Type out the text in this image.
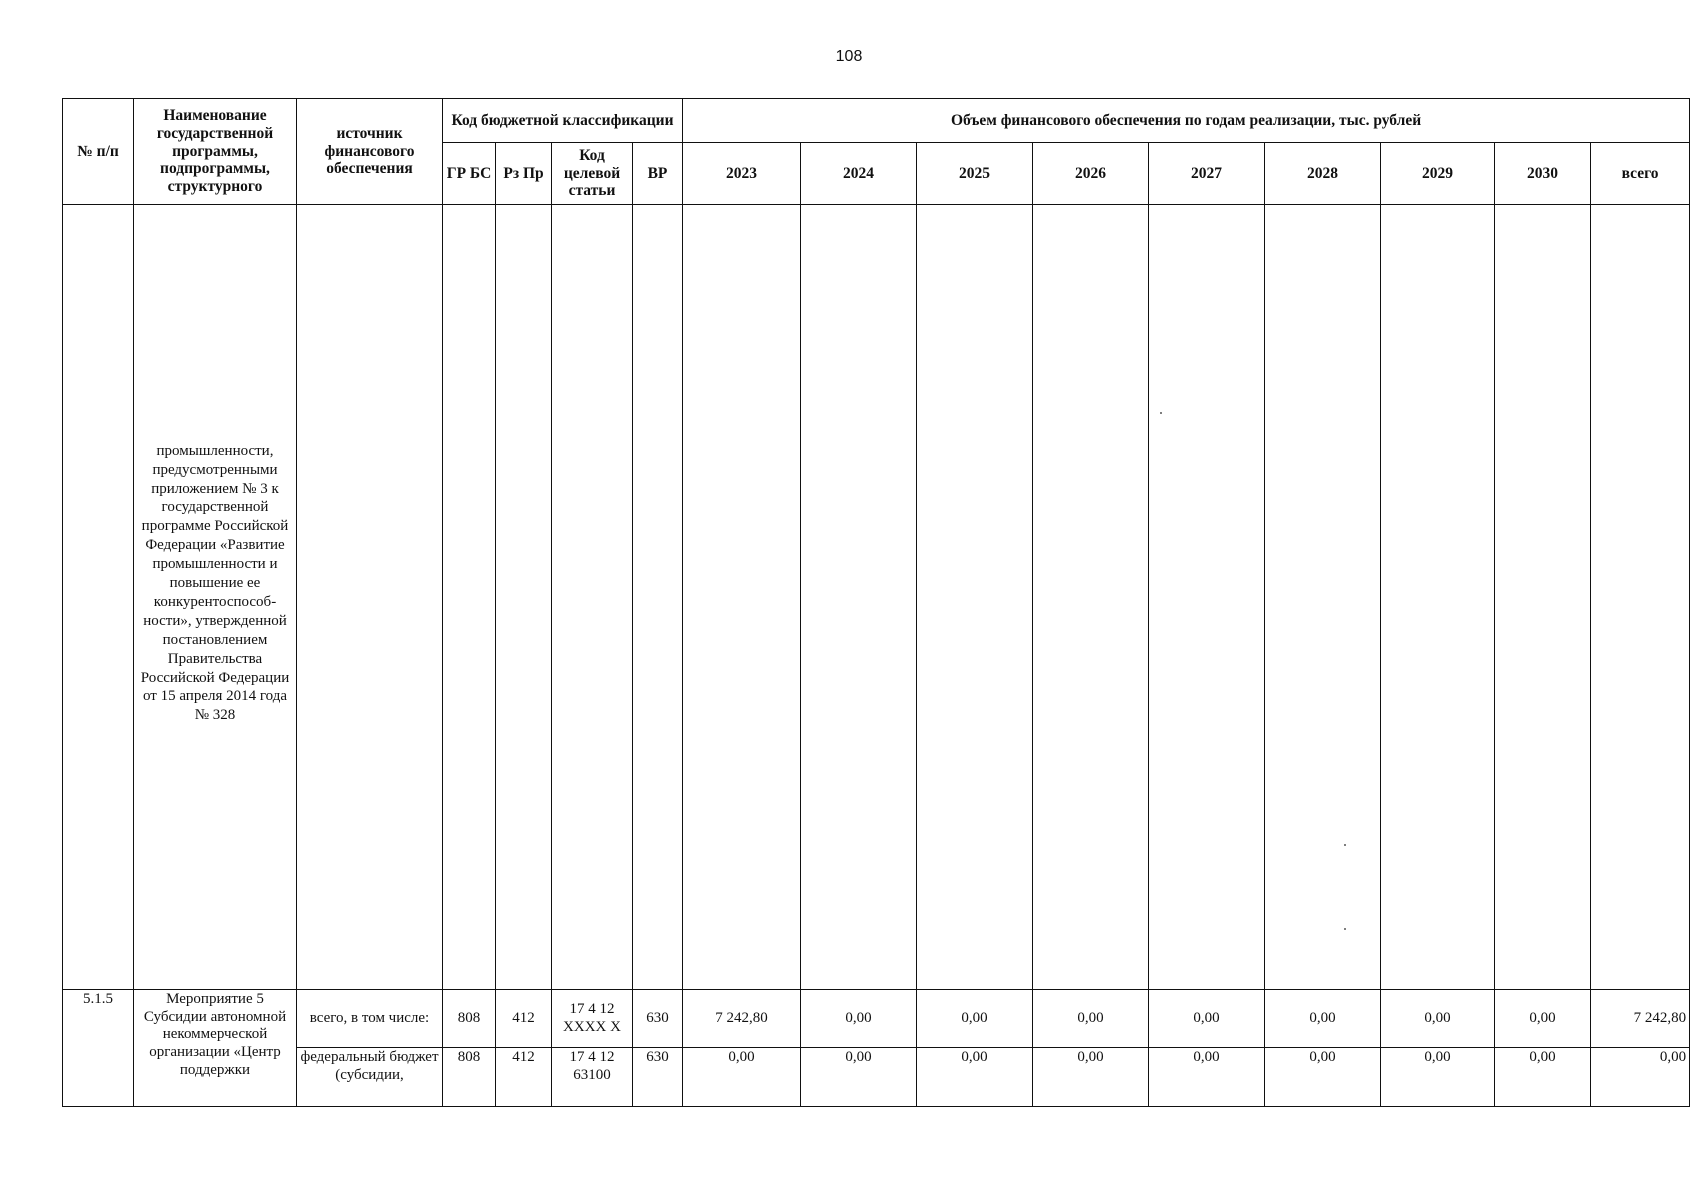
108
№ п/п	Наименование государственной программы, подпрограммы, структурного	источник финансового обеспечения	Код бюджетной классификации				Объем финансового обеспечения по годам реализации, тыс. рублей								
			ГР БС	Рз Пр	Код целевой статьи	ВР	2023	2024	2025	2026	2027	2028	2029	2030	всего
	промышленности, предусмотренными приложением № 3 к государственной программе Российской Федерации «Развитие промышленности и повышение ее конкурентоспособ-ности», утвержденной постановлением Правительства Российской Федерации от 15 апреля 2014 года № 328														
5.1.5	Мероприятие 5 Субсидии автономной некоммерческой организации «Центр поддержки	всего, в том числе:	808	412	17 4 12 XXXX X	630	7 242,80	0,00	0,00	0,00	0,00	0,00	0,00	0,00	7 242,80
		федеральный бюджет (субсидии,	808	412	17 4 12 63100	630	0,00	0,00	0,00	0,00	0,00	0,00	0,00	0,00	0,00
